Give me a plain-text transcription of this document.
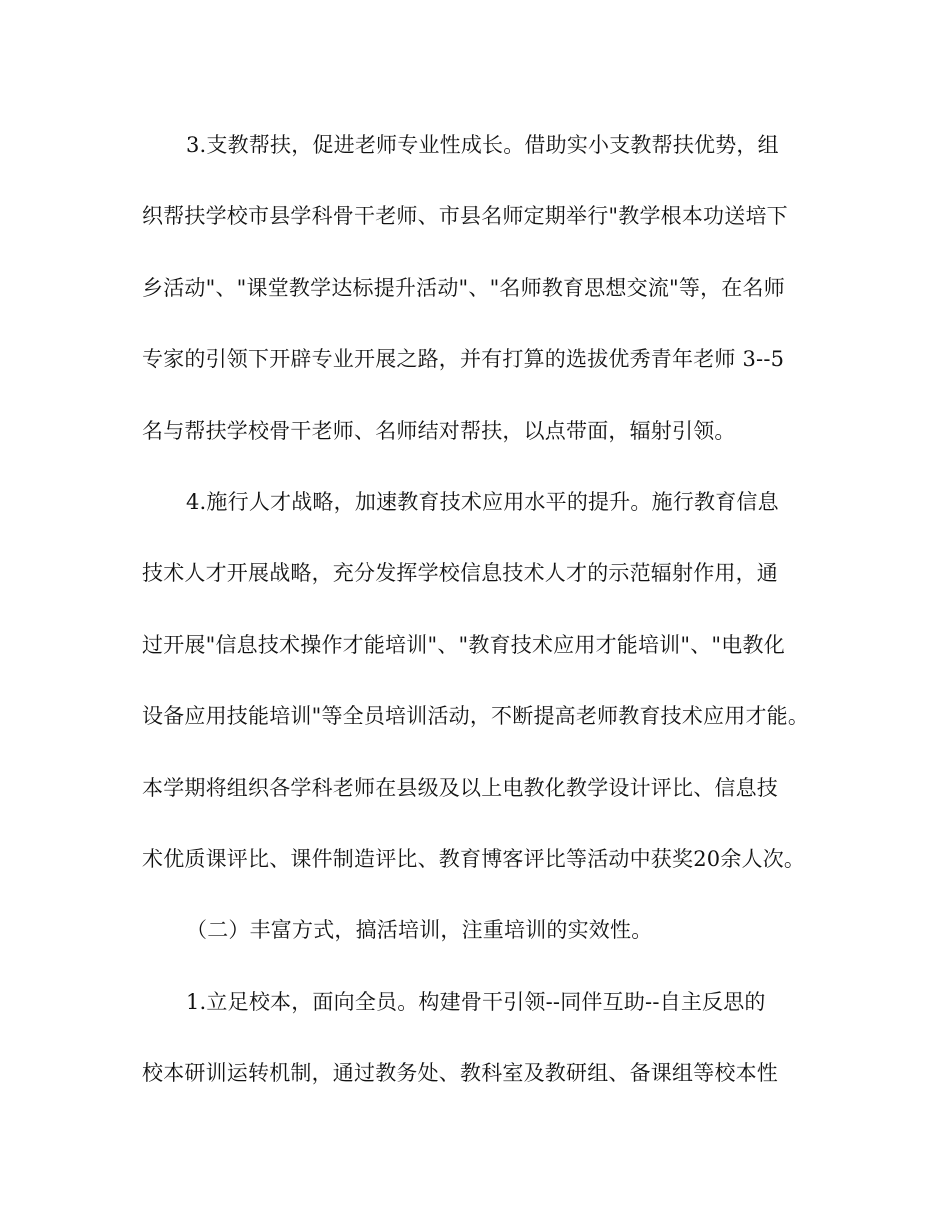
3.支教帮扶，促进老师专业性成长。借助实小支教帮扶优势，组
织帮扶学校市县学科骨干老师、市县名师定期举行"教学根本功送培下
乡活动"、"课堂教学达标提升活动"、"名师教育思想交流"等，在名师
专家的引领下开辟专业开展之路，并有打算的选拔优秀青年老师 3--5
名与帮扶学校骨干老师、名师结对帮扶，以点带面，辐射引领。
4.施行人才战略，加速教育技术应用水平的提升。施行教育信息
技术人才开展战略，充分发挥学校信息技术人才的示范辐射作用，通
过开展"信息技术操作才能培训"、"教育技术应用才能培训"、"电教化
设备应用技能培训"等全员培训活动，不断提高老师教育技术应用才能。
本学期将组织各学科老师在县级及以上电教化教学设计评比、信息技
术优质课评比、课件制造评比、教育博客评比等活动中获奖20余人次。
（二）丰富方式，搞活培训，注重培训的实效性。
1.立足校本，面向全员。构建骨干引领--同伴互助--自主反思的
校本研训运转机制，通过教务处、教科室及教研组、备课组等校本性
